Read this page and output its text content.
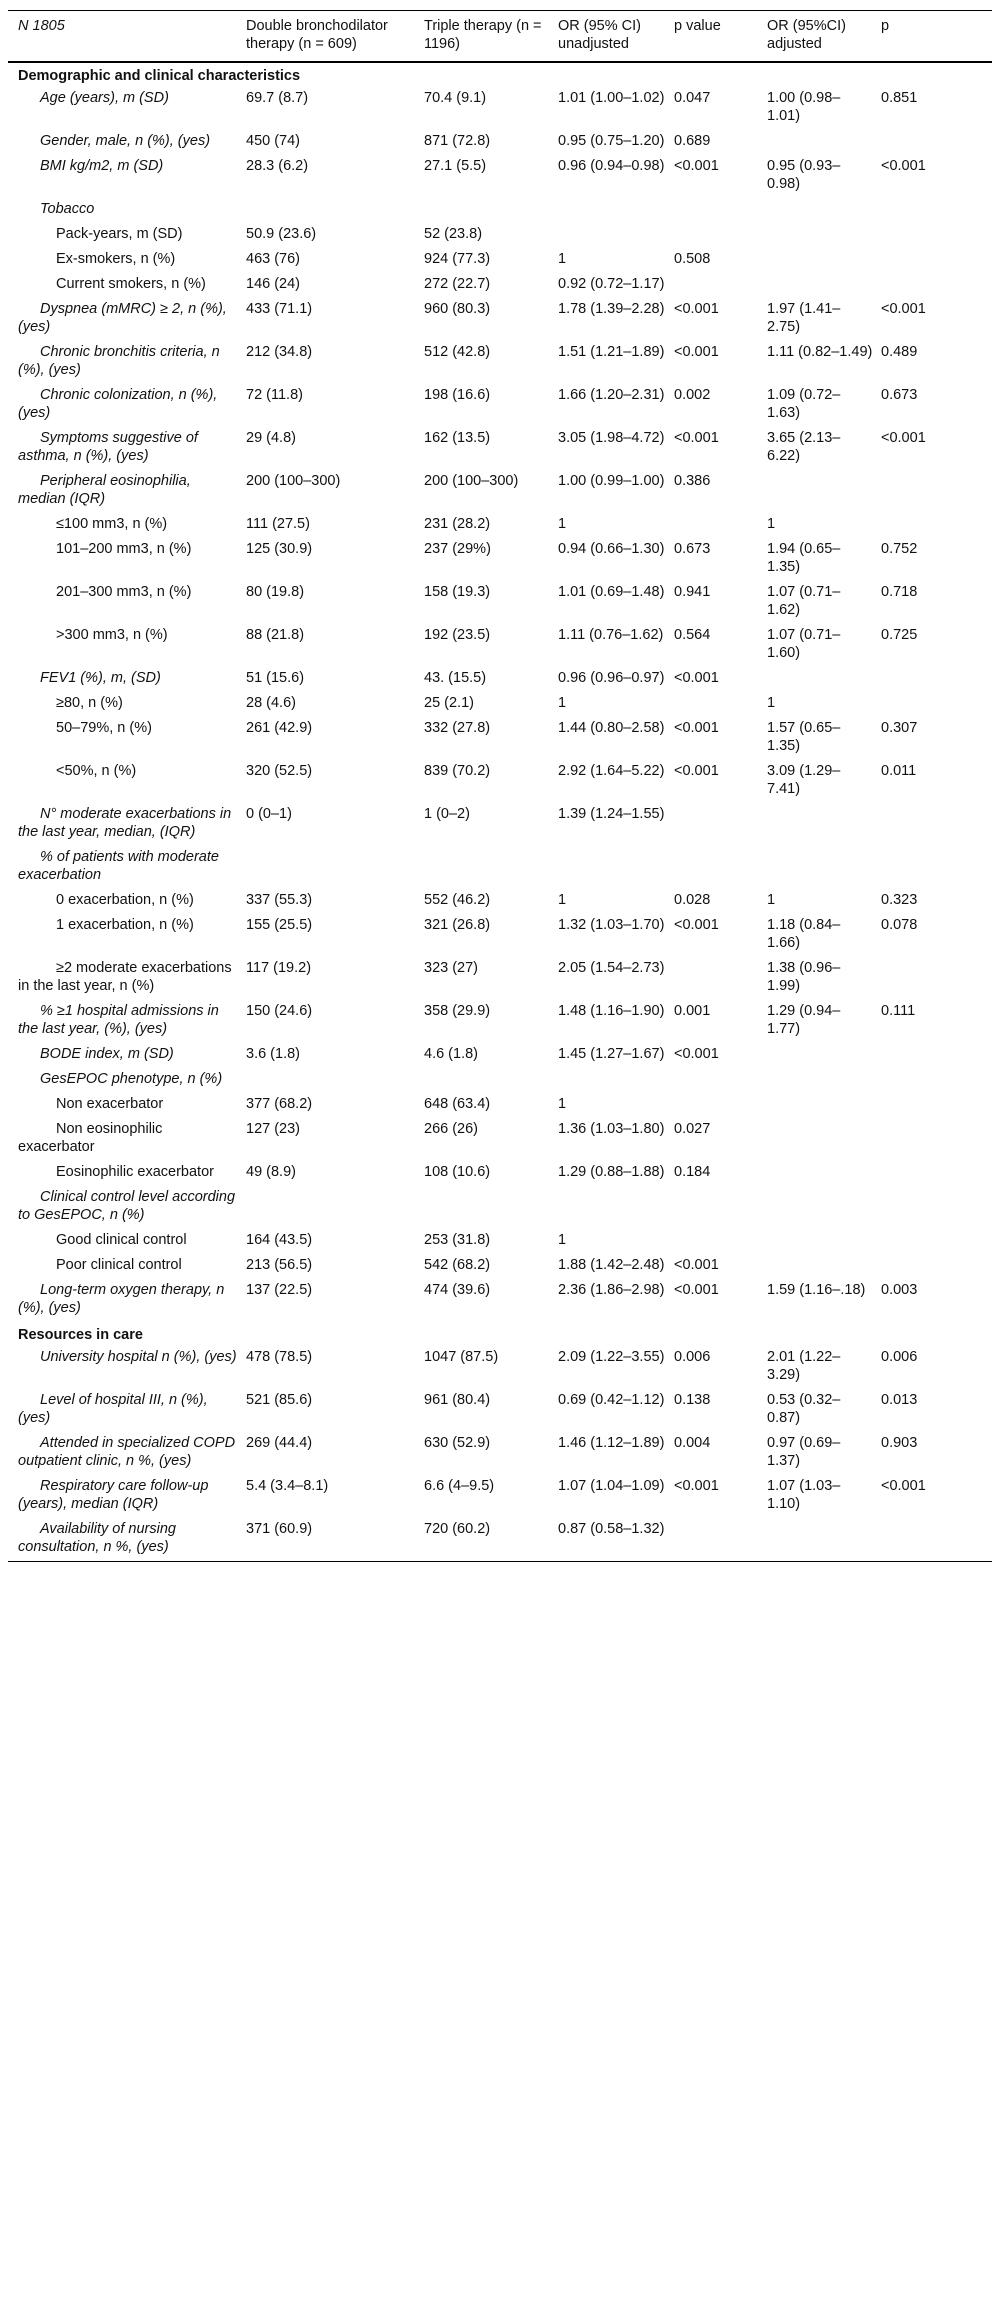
N 1805	Double bronchodilator therapy (n = 609)	Triple therapy (n = 1196)	OR (95% CI) unadjusted	p value	OR (95%CI) adjusted	p
Demographic and clinical characteristics						
Age (years), m (SD)	69.7 (8.7)	70.4 (9.1)	1.01 (1.00–1.02)	0.047	1.00 (0.98–1.01)	0.851
Gender, male, n (%), (yes)	450 (74)	871 (72.8)	0.95 (0.75–1.20)	0.689		
BMI kg/m2, m (SD)	28.3 (6.2)	27.1 (5.5)	0.96 (0.94–0.98)	<0.001	0.95 (0.93–0.98)	<0.001
Tobacco						
Pack-years, m (SD)	50.9 (23.6)	52 (23.8)				
Ex-smokers, n (%)	463 (76)	924 (77.3)	1	0.508		
Current smokers, n (%)	146 (24)	272 (22.7)	0.92 (0.72–1.17)			
Dyspnea (mMRC) ≥ 2, n (%), (yes)	433 (71.1)	960 (80.3)	1.78 (1.39–2.28)	<0.001	1.97 (1.41–2.75)	<0.001
Chronic bronchitis criteria, n (%), (yes)	212 (34.8)	512 (42.8)	1.51 (1.21–1.89)	<0.001	1.11 (0.82–1.49)	0.489
Chronic colonization, n (%), (yes)	72 (11.8)	198 (16.6)	1.66 (1.20–2.31)	0.002	1.09 (0.72–1.63)	0.673
Symptoms suggestive of asthma, n (%), (yes)	29 (4.8)	162 (13.5)	3.05 (1.98–4.72)	<0.001	3.65 (2.13–6.22)	<0.001
Peripheral eosinophilia, median (IQR)	200 (100–300)	200 (100–300)	1.00 (0.99–1.00)	0.386		
≤100 mm3, n (%)	111 (27.5)	231 (28.2)	1		1	
101–200 mm3, n (%)	125 (30.9)	237 (29%)	0.94 (0.66–1.30)	0.673	1.94 (0.65–1.35)	0.752
201–300 mm3, n (%)	80 (19.8)	158 (19.3)	1.01 (0.69–1.48)	0.941	1.07 (0.71–1.62)	0.718
>300 mm3, n (%)	88 (21.8)	192 (23.5)	1.11 (0.76–1.62)	0.564	1.07 (0.71–1.60)	0.725
FEV1 (%), m, (SD)	51 (15.6)	43. (15.5)	0.96 (0.96–0.97)	<0.001		
≥80, n (%)	28 (4.6)	25 (2.1)	1		1	
50–79%, n (%)	261 (42.9)	332 (27.8)	1.44 (0.80–2.58)	<0.001	1.57 (0.65–1.35)	0.307
<50%, n (%)	320 (52.5)	839 (70.2)	2.92 (1.64–5.22)	<0.001	3.09 (1.29–7.41)	0.011
N° moderate exacerbations in the last year, median, (IQR)	0 (0–1)	1 (0–2)	1.39 (1.24–1.55)			
% of patients with moderate exacerbation						
0 exacerbation, n (%)	337 (55.3)	552 (46.2)	1	0.028	1	0.323
1 exacerbation, n (%)	155 (25.5)	321 (26.8)	1.32 (1.03–1.70)	<0.001	1.18 (0.84–1.66)	0.078
≥2 moderate exacerbations in the last year, n (%)	117 (19.2)	323 (27)	2.05 (1.54–2.73)		1.38 (0.96–1.99)	
% ≥1 hospital admissions in the last year, (%), (yes)	150 (24.6)	358 (29.9)	1.48 (1.16–1.90)	0.001	1.29 (0.94–1.77)	0.111
BODE index, m (SD)	3.6 (1.8)	4.6 (1.8)	1.45 (1.27–1.67)	<0.001		
GesEPOC phenotype, n (%)						
Non exacerbator	377 (68.2)	648 (63.4)	1			
Non eosinophilic exacerbator	127 (23)	266 (26)	1.36 (1.03–1.80)	0.027		
Eosinophilic exacerbator	49 (8.9)	108 (10.6)	1.29 (0.88–1.88)	0.184		
Clinical control level according to GesEPOC, n (%)						
Good clinical control	164 (43.5)	253 (31.8)	1			
Poor clinical control	213 (56.5)	542 (68.2)	1.88 (1.42–2.48)	<0.001		
Long-term oxygen therapy, n (%), (yes)	137 (22.5)	474 (39.6)	2.36 (1.86–2.98)	<0.001	1.59 (1.16–.18)	0.003
Resources in care						
University hospital n (%), (yes)	478 (78.5)	1047 (87.5)	2.09 (1.22–3.55)	0.006	2.01 (1.22–3.29)	0.006
Level of hospital III, n (%), (yes)	521 (85.6)	961 (80.4)	0.69 (0.42–1.12)	0.138	0.53 (0.32–0.87)	0.013
Attended in specialized COPD outpatient clinic, n %, (yes)	269 (44.4)	630 (52.9)	1.46 (1.12–1.89)	0.004	0.97 (0.69–1.37)	0.903
Respiratory care follow-up (years), median (IQR)	5.4 (3.4–8.1)	6.6 (4–9.5)	1.07 (1.04–1.09)	<0.001	1.07 (1.03–1.10)	<0.001
Availability of nursing consultation, n %, (yes)	371 (60.9)	720 (60.2)	0.87 (0.58–1.32)			
